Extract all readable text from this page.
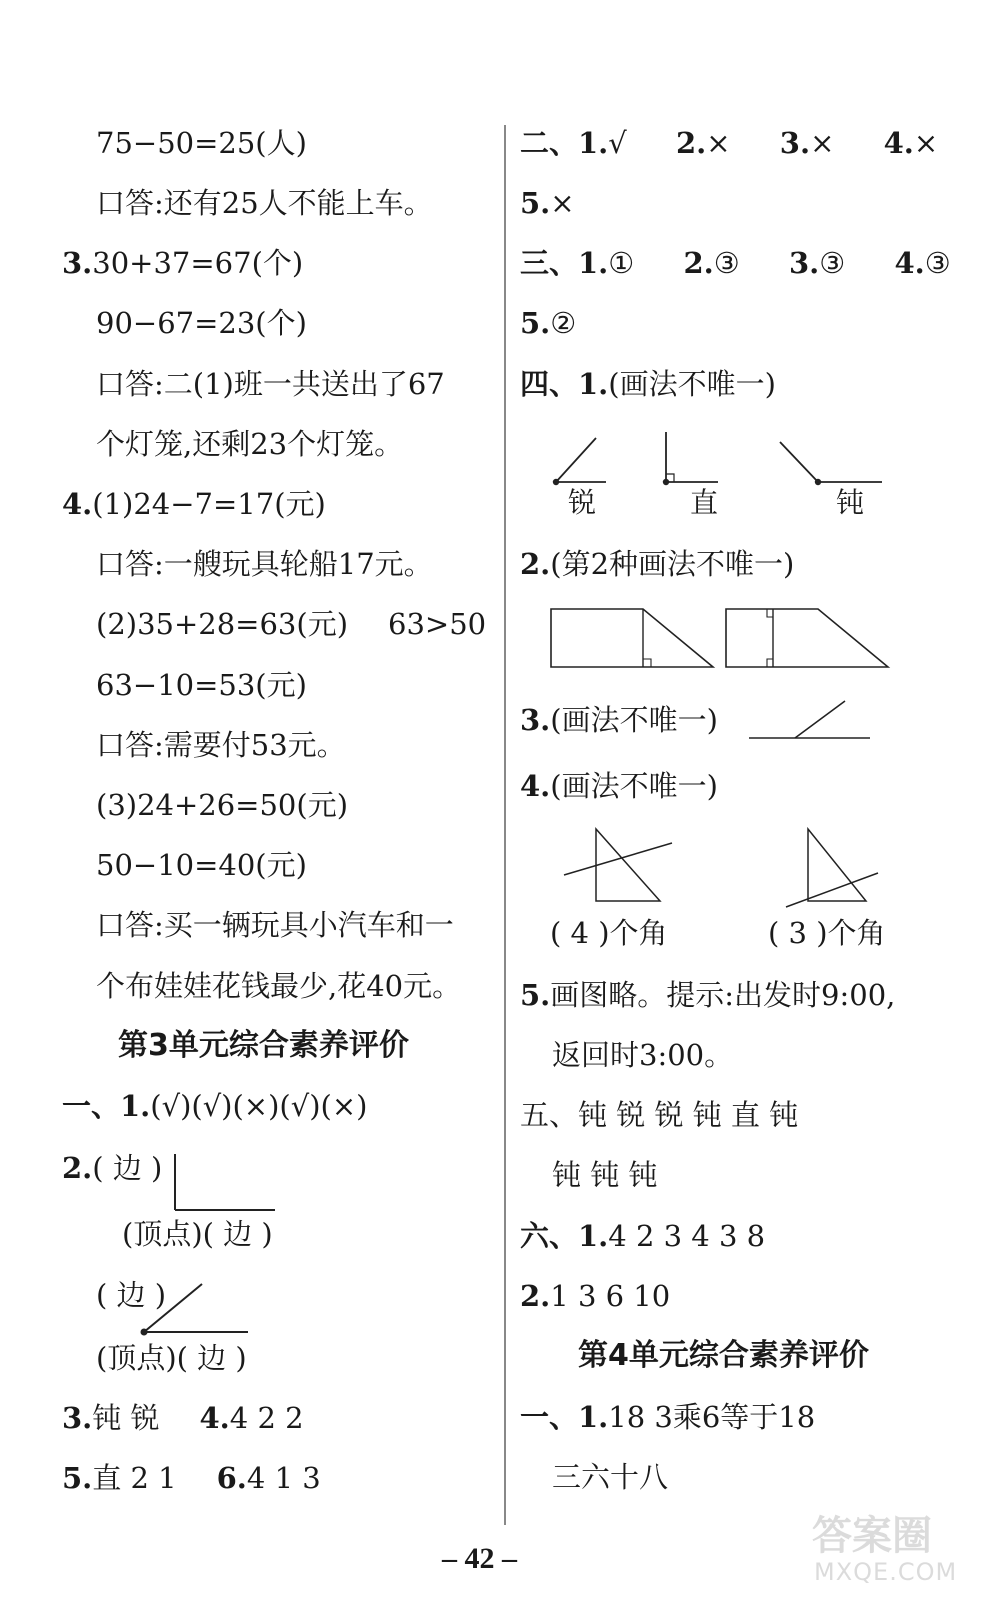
75−50=25(人)
口答:还有25人不能上车。
3.30+37=67(个)
90−67=23(个)
口答:二(1)班一共送出了67
个灯笼,还剩23个灯笼。
4.(1)24−7=17(元)
口答:一艘玩具轮船17元。
(2)35+28=63(元) 63>50
63−10=53(元)
口答:需要付53元。
(3)24+26=50(元)
50−10=40(元)
口答:买一辆玩具小汽车和一
个布娃娃花钱最少,花40元。
第3单元综合素养评价
一、1.(√)(√)(×)(√)(×)
2.( 边 )
(顶点)( 边 )
( 边 )
(顶点)( 边 )
3.钝 锐 4.4 2 2
5.直 2 1 6.4 1 3
二、1.√ 2.× 3.× 4.×
5.×
三、1.① 2.③ 3.③ 4.③
5.②
四、1.(画法不唯一)
锐	直	钝
2.(第2种画法不唯一)
3.(画法不唯一)
4.(画法不唯一)
( 4 )个角	( 3 )个角
5.画图略。提示:出发时9:00,
返回时3:00。
五、钝 锐 锐 钝 直 钝
钝 钝 钝
六、1.4 2 3 4 3 8
2.1 3 6 10
第4单元综合素养评价
一、1.18 3乘6等于18
三六十八
– 42 –	答案圈
MXQE.COM
